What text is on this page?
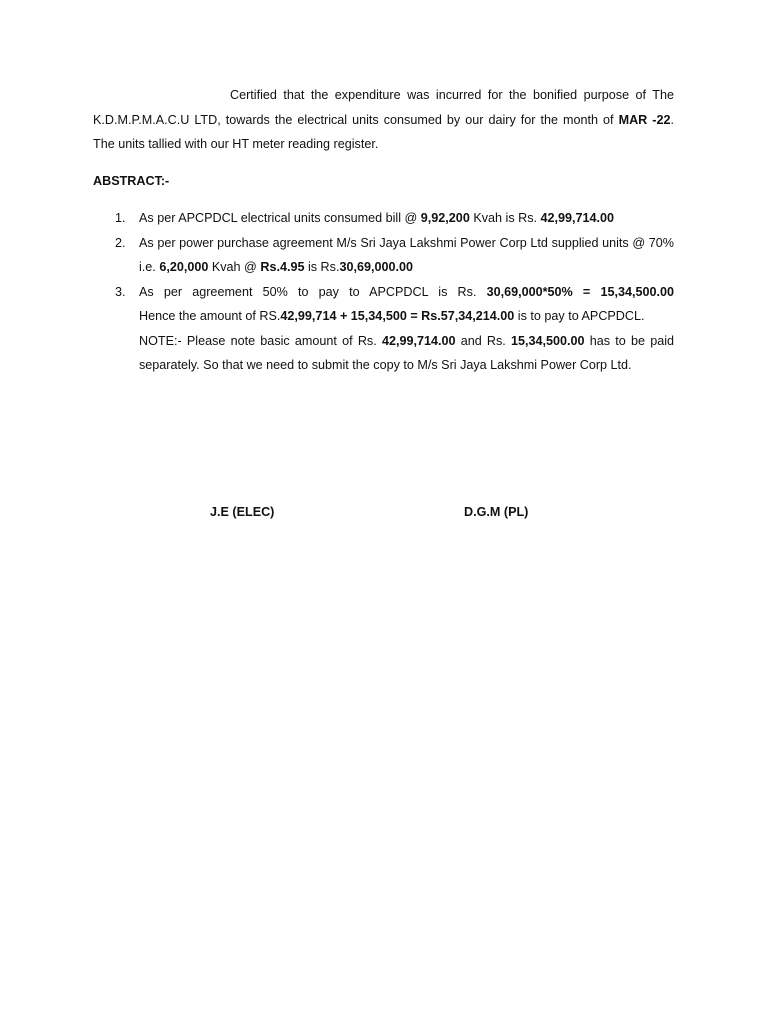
Certified that the expenditure was incurred for the bonified purpose of The K.D.M.P.M.A.C.U LTD, towards the electrical units consumed by our dairy for the month of MAR -22. The units tallied with our HT meter reading register.
ABSTRACT:-
1. As per APCPDCL electrical units consumed bill @ 9,92,200 Kvah is Rs. 42,99,714.00
2. As per power purchase agreement M/s Sri Jaya Lakshmi Power Corp Ltd supplied units @ 70% i.e. 6,20,000 Kvah @ Rs.4.95 is Rs.30,69,000.00
3. As per agreement 50% to pay to APCPDCL is Rs. 30,69,000*50% = 15,34,500.00
Hence the amount of RS.42,99,714 + 15,34,500 = Rs.57,34,214.00 is to pay to APCPDCL.
NOTE:- Please note basic amount of Rs. 42,99,714.00 and Rs. 15,34,500.00 has to be paid separately. So that we need to submit the copy to M/s Sri Jaya Lakshmi Power Corp Ltd.
J.E (ELEC)	D.G.M (PL)
